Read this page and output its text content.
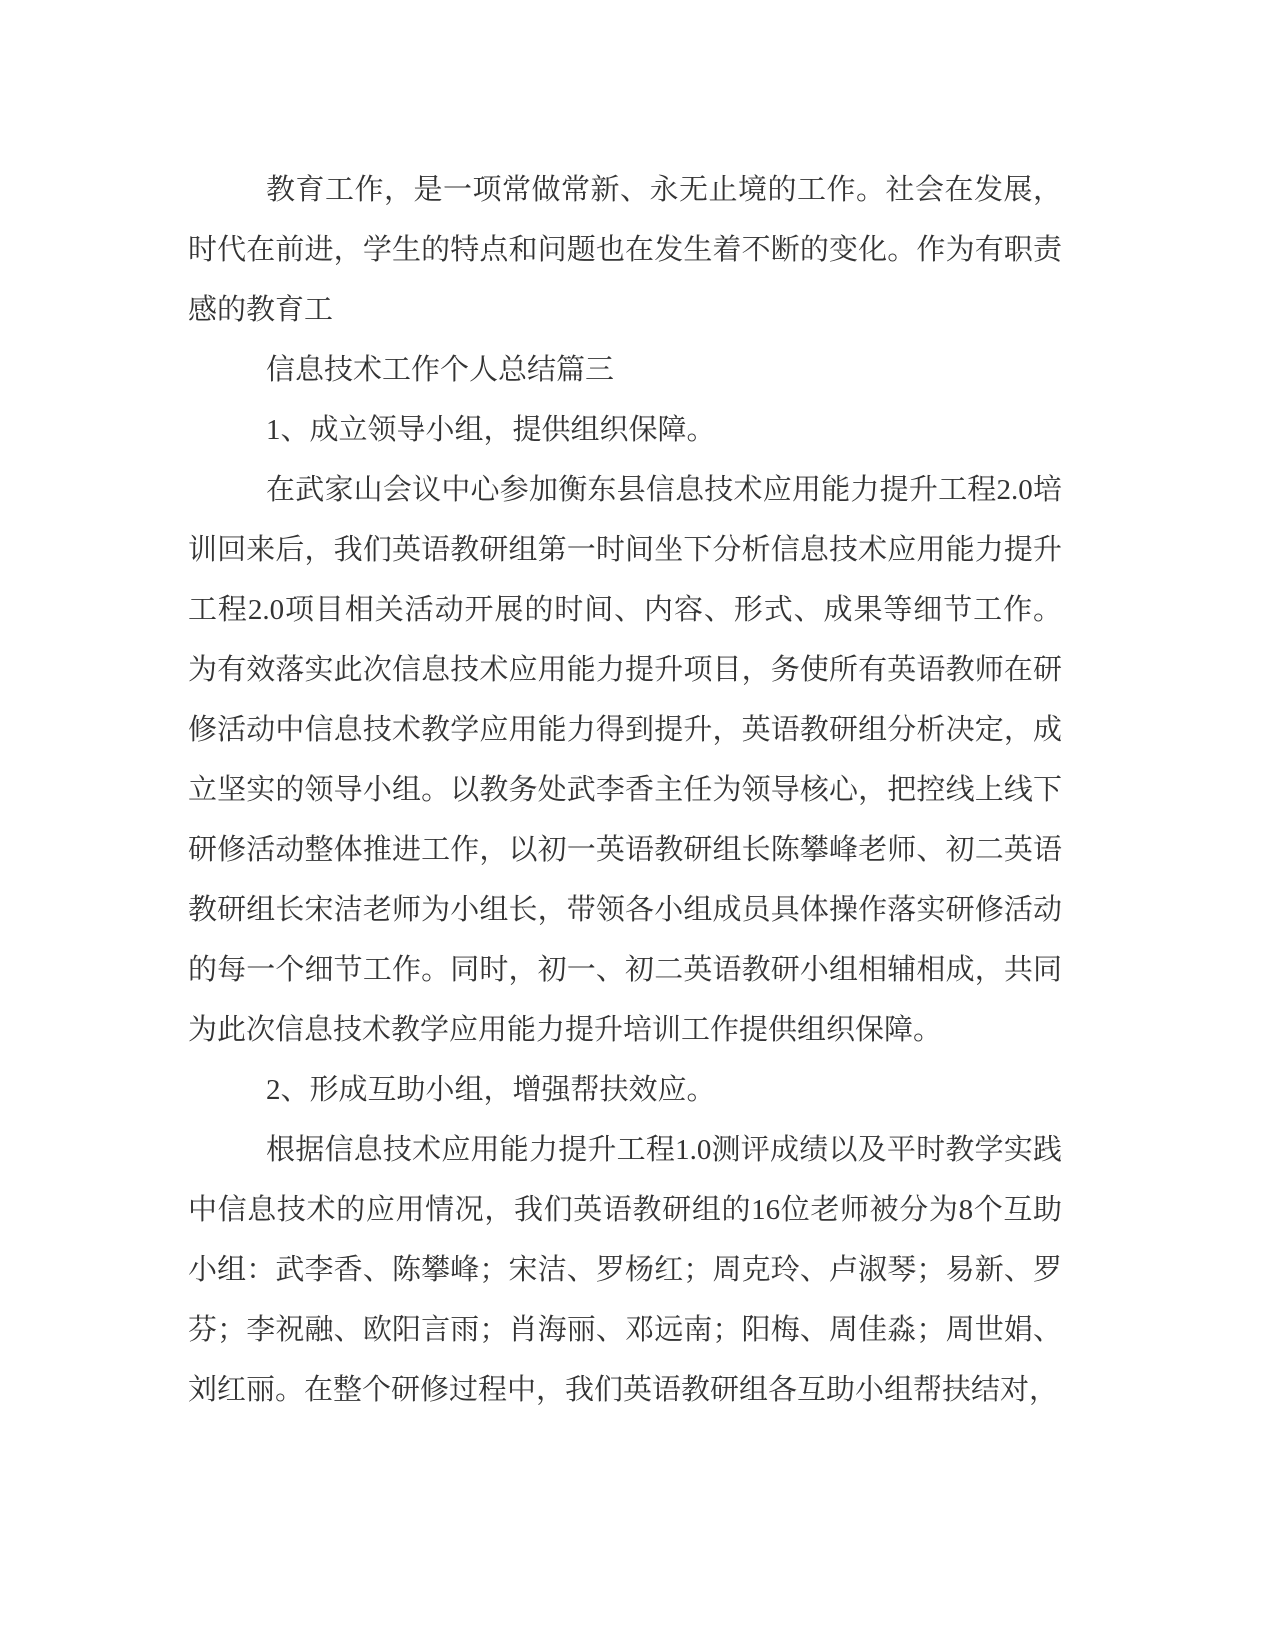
教育工作，是一项常做常新、永无止境的工作。社会在发展，时代在前进，学生的特点和问题也在发生着不断的变化。作为有职责感的教育工

信息技术工作个人总结篇三

1、成立领导小组，提供组织保障。

在武家山会议中心参加衡东县信息技术应用能力提升工程2.0培训回来后，我们英语教研组第一时间坐下分析信息技术应用能力提升工程2.0项目相关活动开展的时间、内容、形式、成果等细节工作。为有效落实此次信息技术应用能力提升项目，务使所有英语教师在研修活动中信息技术教学应用能力得到提升，英语教研组分析决定，成立坚实的领导小组。以教务处武李香主任为领导核心，把控线上线下研修活动整体推进工作，以初一英语教研组长陈攀峰老师、初二英语教研组长宋洁老师为小组长，带领各小组成员具体操作落实研修活动的每一个细节工作。同时，初一、初二英语教研小组相辅相成，共同为此次信息技术教学应用能力提升培训工作提供组织保障。

2、形成互助小组，增强帮扶效应。

根据信息技术应用能力提升工程1.0测评成绩以及平时教学实践中信息技术的应用情况，我们英语教研组的16位老师被分为8个互助小组：武李香、陈攀峰；宋洁、罗杨红；周克玲、卢淑琴；易新、罗芬；李祝融、欧阳言雨；肖海丽、邓远南；阳梅、周佳淼；周世娟、刘红丽。在整个研修过程中，我们英语教研组各互助小组帮扶结对，
